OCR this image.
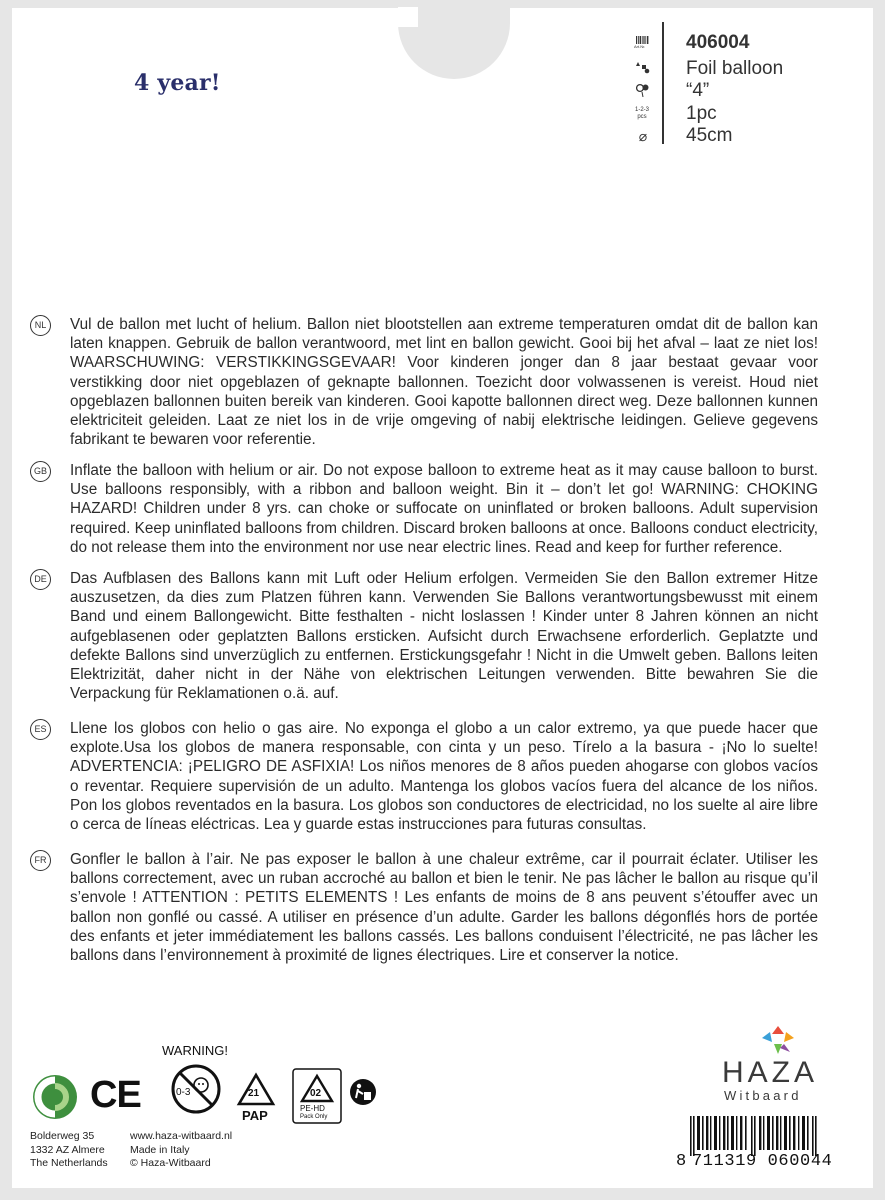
4 year!
406004
Foil balloon
“4”
1-2-3 pcs 1pc
⌀ 45cm
Art.Nr.
NL	Vul de ballon met lucht of helium. Ballon niet blootstellen aan extreme temperaturen omdat dit de ballon kan laten knappen. Gebruik de ballon verantwoord, met lint en ballon gewicht. Gooi bij het afval – laat ze niet los! WAARSCHUWING: VERSTIKKINGSGEVAAR! Voor kinderen jonger dan 8 jaar bestaat gevaar voor verstikking door niet opgeblazen of geknapte ballonnen. Toezicht door volwassenen is vereist. Houd niet opgeblazen ballonnen buiten bereik van kinderen. Gooi kapotte ballonnen direct weg. Deze ballonnen kunnen elektriciteit geleiden. Laat ze niet los in de vrije omgeving of nabij elektrische leidingen. Gelieve gegevens fabrikant te bewaren voor referentie.
GB Inflate the balloon with helium or air. Do not expose balloon to extreme heat as it may cause balloon to burst. Use balloons responsibly, with a ribbon and balloon weight. Bin it – don’t let go! WARNING: CHOKING HAZARD! Children under 8 yrs. can choke or suffocate on uninflated or broken balloons. Adult supervision required. Keep uninflated balloons from children. Discard broken balloons at once. Balloons conduct electricity, do not release them into the environment nor use near electric lines. Read and keep for further reference.
DE Das Aufblasen des Ballons kann mit Luft oder Helium erfolgen. Vermeiden Sie den Ballon extremer Hitze auszusetzen, da dies zum Platzen führen kann. Verwenden Sie Ballons verantwortungsbewusst mit einem Band und einem Ballongewicht. Bitte festhalten - nicht loslassen ! Kinder unter 8 Jahren können an nicht aufgeblasenen oder geplatzten Ballons ersticken. Aufsicht durch Erwachsene erforderlich. Geplatzte und defekte Ballons sind unverzüglich zu entfernen. Erstickungsgefahr ! Nicht in die Umwelt geben. Ballons leiten Elektrizität, daher nicht in der Nähe von elektrischen Leitungen verwenden. Bitte bewahren Sie die Verpackung für Reklamationen o.ä. auf.
ES Llene los globos con helio o gas aire. No exponga el globo a un calor extremo, ya que puede hacer que explote.Usa los globos de manera responsable, con cinta y un peso. Tírelo a la basura - ¡No lo suelte! ADVERTENCIA: ¡PELIGRO DE ASFIXIA! Los niños menores de 8 años pueden ahogarse con globos vacíos o reventar. Requiere supervisión de un adulto. Mantenga los globos vacíos fuera del alcance de los niños. Pon los globos reventados en la basura. Los globos son conductores de electricidad, no los suelte al aire libre o cerca de líneas eléctricas. Lea y guarde estas instrucciones para futuras consultas.
FR Gonfler le ballon à l’air. Ne pas exposer le ballon à une chaleur extrême, car il pourrait éclater. Utiliser les ballons correctement, avec un ruban accroché au ballon et bien le tenir. Ne pas lâcher le ballon au risque qu’il s’envole ! ATTENTION : PETITS ELEMENTS ! Les enfants de moins de 8 ans peuvent s’étouffer avec un ballon non gonflé ou cassé. A utiliser en présence d’un adulte. Garder les ballons dégonflés hors de portée des enfants et jeter immédiatement les ballons cassés. Les ballons conduisent l’électricité, ne pas lâcher les ballons dans l’environnement à proximité de lignes électriques. Lire et conserver la notice.
CE
WARNING!
0-3	21
PAP
02
PE-HD
Pack Only
HAZA
Witbaard
Bolderweg 35
1332 AZ Almere
The Netherlands
www.haza-witbaard.nl
Made in Italy
© Haza-Witbaard	8 711319 060044
